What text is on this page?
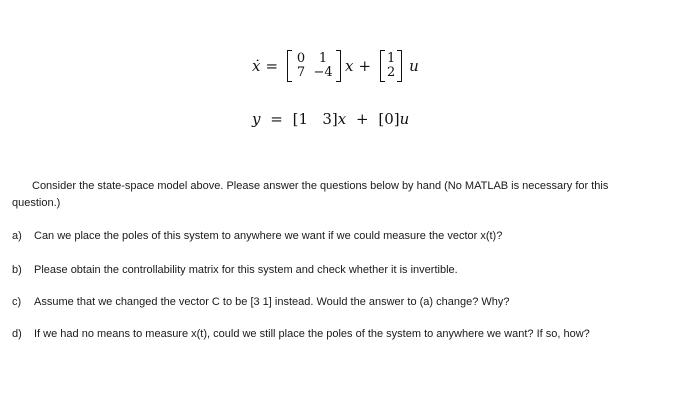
ẋ =	0	1
7 −4 x + 1
2 u
y = [1   3]x + [0]u
Consider the state-space model above. Please answer the questions below by hand (No MATLAB is necessary for this
question.)
a)	Can we place the poles of this system to anywhere we want if we could measure the vector x(t)?
b)	Please obtain the controllability matrix for this system and check whether it is invertible.
c)	Assume that we changed the vector C to be [3 1] instead. Would the answer to (a) change? Why?
d)	If we had no means to measure x(t), could we still place the poles of the system to anywhere we want? If so, how?
